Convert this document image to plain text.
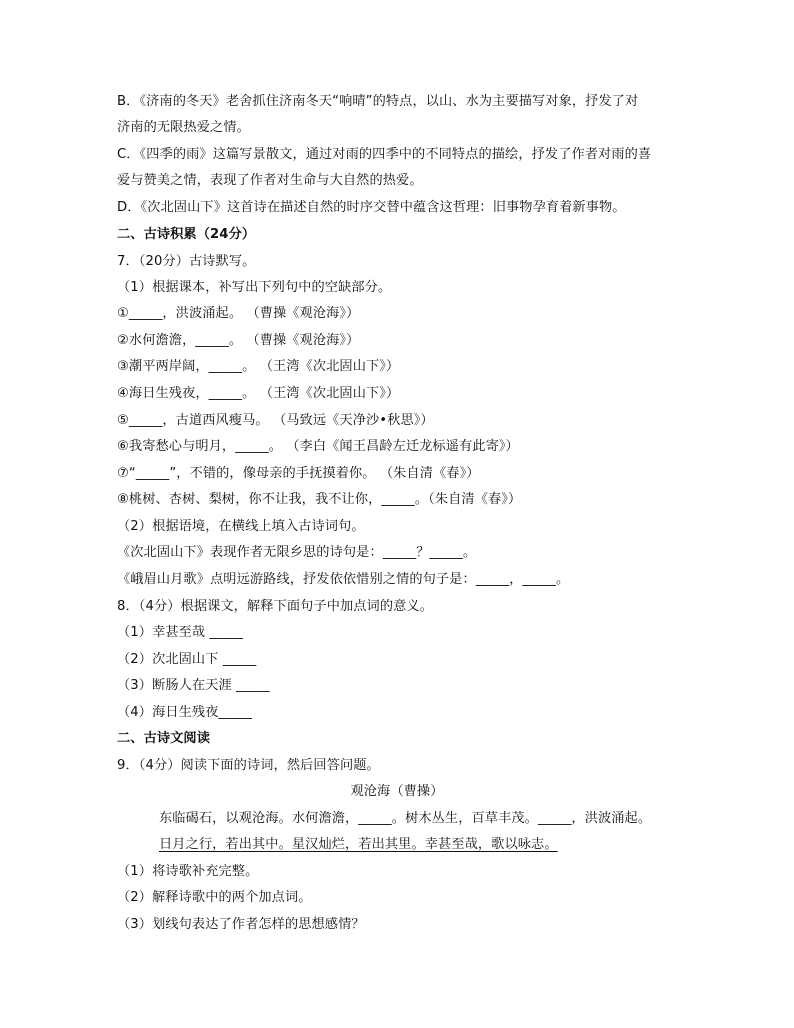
B．《济南的冬天》老舍抓住济南冬天“响晴”的特点，以山、水为主要描写对象，抒发了对
济南的无限热爱之情。
C．《四季的雨》这篇写景散文，通过对雨的四季中的不同特点的描绘，抒发了作者对雨的喜
爱与赞美之情，表现了作者对生命与大自然的热爱。
D．《次北固山下》这首诗在描述自然的时序交替中蕴含这哲理：旧事物孕育着新事物。
二、古诗积累（24分）
7．（20分）古诗默写。
（1）根据课本，补写出下列句中的空缺部分。
①_____，洪波涌起。 （曹操《观沧海》）
②水何澹澹，_____。 （曹操《观沧海》）
③潮平两岸阔，_____。 （王湾《次北固山下》）
④海日生残夜，_____。 （王湾《次北固山下》）
⑤_____，古道西风瘦马。 （马致远《天净沙•秋思》）
⑥我寄愁心与明月，_____。 （李白《闻王昌龄左迁龙标遥有此寄》）
⑦“_____”，不错的，像母亲的手抚摸着你。 （朱自清《春》）
⑧桃树、杏树、梨树，你不让我，我不让你，_____。（朱自清《春》）
（2）根据语境，在横线上填入古诗词句。
《次北固山下》表现作者无限乡思的诗句是：_____？_____。
《峨眉山月歌》点明远游路线，抒发依依惜别之情的句子是：_____，_____。
8．（4分）根据课文，解释下面句子中加点词的意义。
（1）幸甚至哉 _____
（2）次北固山下 _____
（3）断肠人在天涯 _____
（4）海日生残夜_____
二、古诗文阅读
9．（4分）阅读下面的诗词，然后回答问题。
观沧海（曹操）
东临碣石，以观沧海。水何澹澹，_____。树木丛生，百草丰茂。_____，洪波涌起。
日月之行，若出其中。星汉灿烂，若出其里。幸甚至哉，歌以咏志。
（1）将诗歌补充完整。
（2）解释诗歌中的两个加点词。
（3）划线句表达了作者怎样的思想感情？
